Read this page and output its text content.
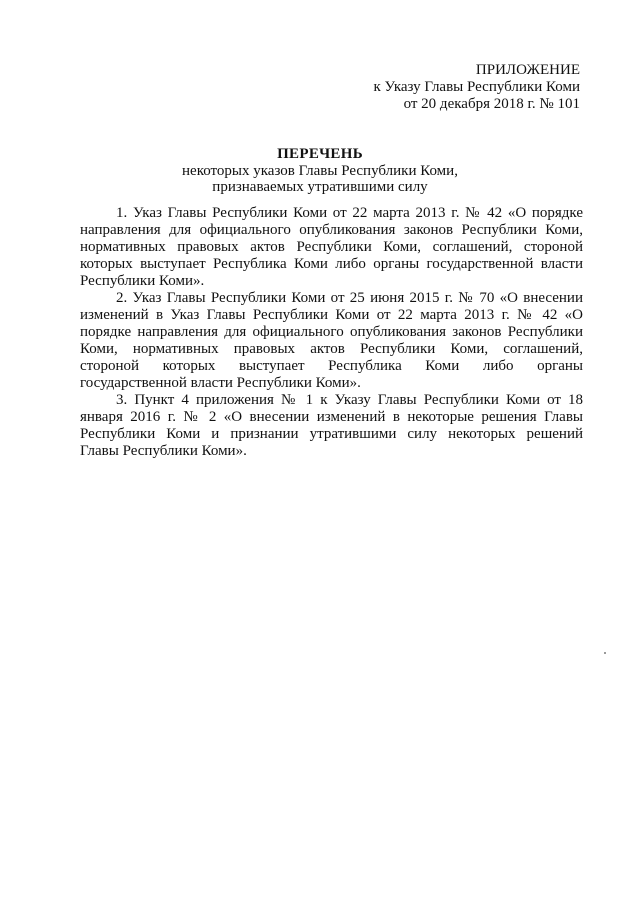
ПРИЛОЖЕНИЕ
к Указу Главы Республики Коми
от 20 декабря 2018 г. № 101
ПЕРЕЧЕНЬ
некоторых указов Главы Республики Коми,
признаваемых утратившими силу
1. Указ Главы Республики Коми от 22 марта 2013 г. № 42 «О порядке
направления для официального опубликования законов Республики Коми,
нормативных правовых актов Республики Коми, соглашений, стороной
которых выступает Республика Коми либо органы государственной власти
Республики Коми».
2. Указ Главы Республики Коми от 25 июня 2015 г. № 70 «О внесении
изменений в Указ Главы Республики Коми от 22 марта 2013 г. № 42 «О
порядке направления для официального опубликования законов Республики
Коми, нормативных правовых актов Республики Коми, соглашений,
стороной которых выступает Республика Коми либо органы
государственной власти Республики Коми».
3. Пункт 4 приложения № 1 к Указу Главы Республики Коми от 18
января 2016 г. № 2 «О внесении изменений в некоторые решения Главы
Республики Коми и признании утратившими силу некоторых решений
Главы Республики Коми».
